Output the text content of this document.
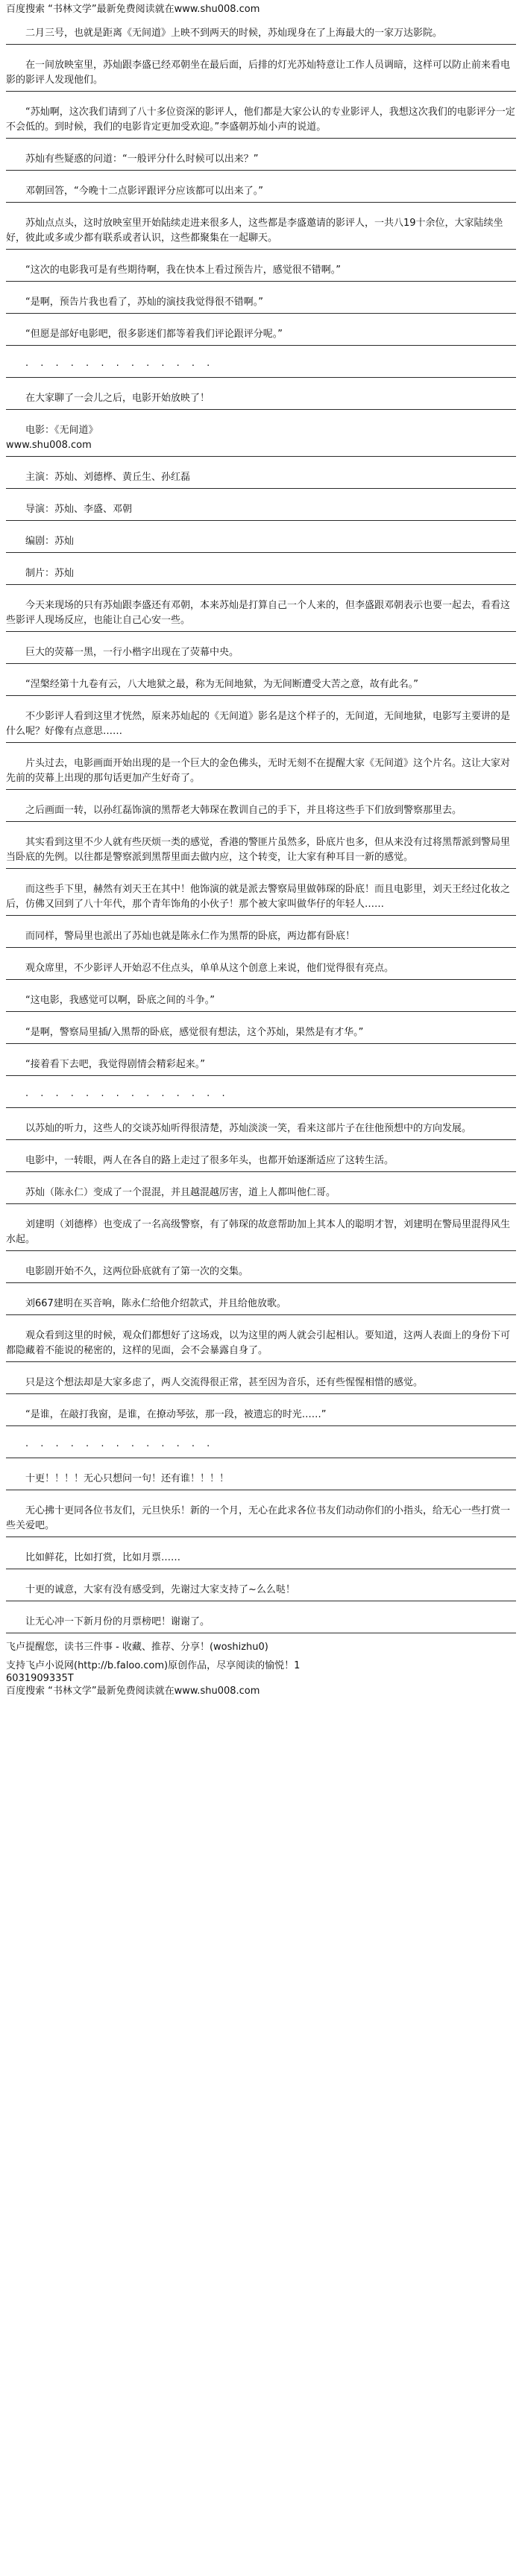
百度搜索 “书林文学”最新免费阅读就在www.shu008.com
二月三号，也就是距离《无间道》上映不到两天的时候，苏灿现身在了上海最大的一家万达影院。
在一间放映室里，苏灿跟李盛已经邓朝坐在最后面，后排的灯光苏灿特意让工作人员调暗，这样可以防止前来看电影的影评人发现他们。
“苏灿啊，这次我们请到了八十多位资深的影评人，他们都是大家公认的专业影评人，我想这次我们的电影评分一定不会低的。到时候，我们的电影肯定更加受欢迎。”李盛朝苏灿小声的说道。
苏灿有些疑惑的问道：“一般评分什么时候可以出来？”
邓朝回答，“今晚十二点影评跟评分应该都可以出来了。”
苏灿点点头，这时放映室里开始陆续走进来很多人，这些都是李盛邀请的影评人，一共八19十余位，大家陆续坐好，彼此或多或少都有联系或者认识，这些都聚集在一起聊天。
“这次的电影我可是有些期待啊，我在快本上看过预告片，感觉很不错啊。”
“是啊，预告片我也看了，苏灿的演技我觉得很不错啊。”
“但愿是部好电影吧，很多影迷们都等着我们评论跟评分呢。”
· · · · · · · · · · · · ·
在大家聊了一会儿之后，电影开始放映了！
电影：《无间道》
www.shu008.com
主演：苏灿、刘德桦、黄丘生、孙红磊
导演：苏灿、李盛、邓朝
编剧：苏灿
制片：苏灿
今天来现场的只有苏灿跟李盛还有邓朝，本来苏灿是打算自己一个人来的，但李盛跟邓朝表示也要一起去，看看这些影评人现场反应，也能让自己心安一些。
巨大的荧幕一黑，一行小楷字出现在了荧幕中央。
“涅槃经第十九卷有云，八大地狱之最，称为无间地狱，为无间断遭受大苦之意，故有此名。”
不少影评人看到这里才恍然，原来苏灿起的《无间道》影名是这个样子的，无间道，无间地狱，电影写主要讲的是什么呢？好像有点意思……
片头过去，电影画面开始出现的是一个巨大的金色佛头，无时无刻不在提醒大家《无间道》这个片名。这让大家对先前的荧幕上出现的那句话更加产生好奇了。
之后画面一转，以孙红磊饰演的黑帮老大韩琛在教训自己的手下，并且将这些手下们放到警察那里去。
其实看到这里不少人就有些厌烦一类的感觉，香港的警匪片虽然多，卧底片也多，但从来没有过将黑帮派到警局里当卧底的先例。以往都是警察派到黑帮里面去做内应，这个转变，让大家有种耳目一新的感觉。
而这些手下里，赫然有刘天王在其中！他饰演的就是派去警察局里做韩琛的卧底！而且电影里，刘天王经过化妆之后，仿佛又回到了八十年代，那个青年饰角的小伙子！那个被大家叫做华仔的年轻人……
而同样，警局里也派出了苏灿也就是陈永仁作为黑帮的卧底，两边都有卧底！
观众席里，不少影评人开始忍不住点头，单单从这个创意上来说，他们觉得很有亮点。
“这电影，我感觉可以啊，卧底之间的斗争。”
“是啊，警察局里插/入黑帮的卧底，感觉很有想法，这个苏灿，果然是有才华。”
“接着看下去吧，我觉得剧情会精彩起来。”
· · · · · · · · · · · · · ·
以苏灿的听力，这些人的交谈苏灿听得很清楚，苏灿淡淡一笑，看来这部片子在往他预想中的方向发展。
电影中，一转眼，两人在各自的路上走过了很多年头，也都开始逐渐适应了这转生活。
苏灿（陈永仁）变成了一个混混，并且越混越厉害，道上人都叫他仁哥。
刘建明（刘德桦）也变成了一名高级警察，有了韩琛的故意帮助加上其本人的聪明才智，刘建明在警局里混得风生水起。
电影剧开始不久，这两位卧底就有了第一次的交集。
刘667建明在买音响，陈永仁给他介绍款式，并且给他放歌。
观众看到这里的时候，观众们都想好了这场戏，以为这里的两人就会引起相认。要知道，这两人表面上的身份下可都隐藏着不能说的秘密的，这样的见面，会不会暴露自身了。
只是这个想法却是大家多虑了，两人交流得很正常，甚至因为音乐，还有些惺惺相惜的感觉。
“是谁，在敲打我窗，是谁，在撩动琴弦，那一段，被遗忘的时光……”
· · · · · · · · · · · · ·
十更！！！！无心只想问一句！还有谁！！！！
无心拂十更同各位书友们，元旦快乐！新的一个月，无心在此求各位书友们动动你们的小指头，给无心一些打赏一些关爱吧。
比如鲜花，比如打赏，比如月票……
十更的诚意，大家有没有感受到，先谢过大家支持了~么么哒！
让无心冲一下新月份的月票榜吧！谢谢了。
飞卢提醒您，读书三件事 - 收藏、推荐、分享！(woshizhu0)
支持飞卢小说网(http://b.faloo.com)原创作品，尽享阅读的愉悦！1
6031909335T
百度搜索 “书林文学”最新免费阅读就在www.shu008.com
